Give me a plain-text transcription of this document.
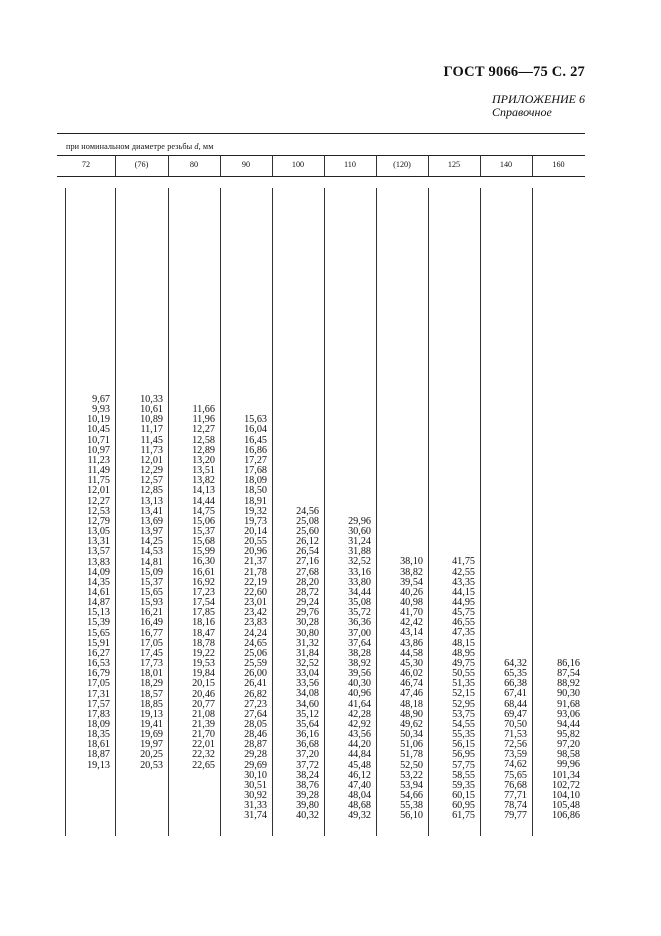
ГОСТ 9066—75 С. 27
ПРИЛОЖЕНИЕ 6
Справочное
при номинальном диаметре резьбы d, мм
72
9,67
9,93
10,19
10,45
10,71
10,97
11,23
11,49
11,75
12,01
12,27
12,53
12,79
13,05
13,31
13,57
13,83
14,09
14,35
14,61
14,87
15,13
15,39
15,65
15,91
16,27
16,53
16,79
17,05
17,31
17,57
17,83
18,09
18,35
18,61
18,87
19,13
(76)
10,33
10,61
10,89
11,17
11,45
11,73
12,01
12,29
12,57
12,85
13,13
13,41
13,69
13,97
14,25
14,53
14,81
15,09
15,37
15,65
15,93
16,21
16,49
16,77
17,05
17,45
17,73
18,01
18,29
18,57
18,85
19,13
19,41
19,69
19,97
20,25
20,53
80
11,66
11,96
12,27
12,58
12,89
13,20
13,51
13,82
14,13
14,44
14,75
15,06
15,37
15,68
15,99
16,30
16,61
16,92
17,23
17,54
17,85
18,16
18,47
18,78
19,22
19,53
19,84
20,15
20,46
20,77
21,08
21,39
21,70
22,01
22,32
22,65
90
15,63
16,04
16,45
16,86
17,27
17,68
18,09
18,50
18,91
19,32
19,73
20,14
20,55
20,96
21,37
21,78
22,19
22,60
23,01
23,42
23,83
24,24
24,65
25,06
25,59
26,00
26,41
26,82
27,23
27,64
28,05
28,46
28,87
29,28
29,69
30,10
30,51
30,92
31,33
31,74
100
24,56
25,08
25,60
26,12
26,54
27,16
27,68
28,20
28,72
29,24
29,76
30,28
30,80
31,32
31,84
32,52
33,04
33,56
34,08
34,60
35,12
35,64
36,16
36,68
37,20
37,72
38,24
38,76
39,28
39,80
40,32
110
29,96
30,60
31,24
31,88
32,52
33,16
33,80
34,44
35,08
35,72
36,36
37,00
37,64
38,28
38,92
39,56
40,30
40,96
41,64
42,28
42,92
43,56
44,20
44,84
45,48
46,12
47,40
48,04
48,68
49,32
(120)
38,10
38,82
39,54
40,26
40,98
41,70
42,42
43,14
43,86
44,58
45,30
46,02
46,74
47,46
48,18
48,90
49,62
50,34
51,06
51,78
52,50
53,22
53,94
54,66
55,38
56,10
125
41,75
42,55
43,35
44,15
44,95
45,75
46,55
47,35
48,15
48,95
49,75
50,55
51,35
52,15
52,95
53,75
54,55
55,35
56,15
56,95
57,75
58,55
59,35
60,15
60,95
61,75
140
64,32
65,35
66,38
67,41
68,44
69,47
70,50
71,53
72,56
73,59
74,62
75,65
76,68
77,71
78,74
79,77
160
86,16
87,54
88,92
90,30
91,68
93,06
94,44
95,82
97,20
98,58
99,96
101,34
102,72
104,10
105,48
106,86
